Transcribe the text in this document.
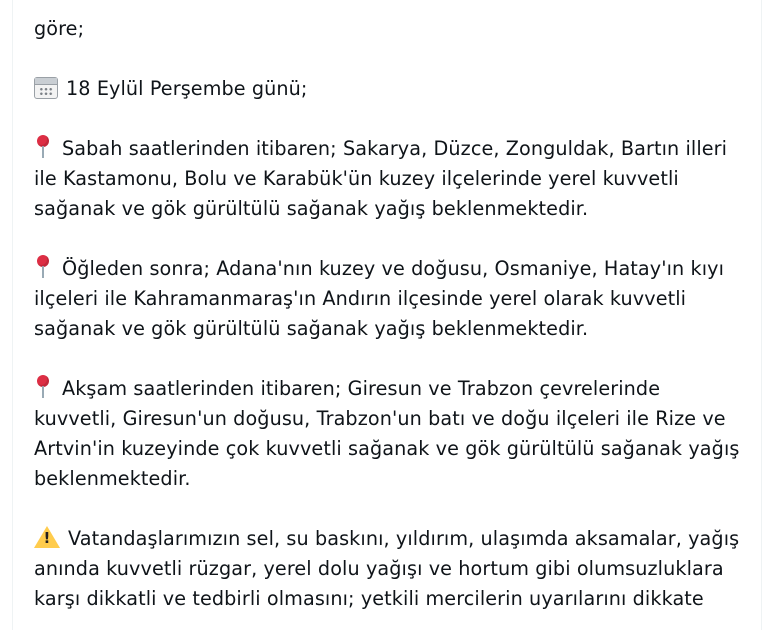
göre;
18 Eylül Perşembe günü;
Sabah saatlerinden itibaren; Sakarya, Düzce, Zonguldak, Bartın illeri
ile Kastamonu, Bolu ve Karabük'ün kuzey ilçelerinde yerel kuvvetli
sağanak ve gök gürültülü sağanak yağış beklenmektedir.
Öğleden sonra; Adana'nın kuzey ve doğusu, Osmaniye, Hatay'ın kıyı
ilçeleri ile Kahramanmaraş'ın Andırın ilçesinde yerel olarak kuvvetli
sağanak ve gök gürültülü sağanak yağış beklenmektedir.
Akşam saatlerinden itibaren; Giresun ve Trabzon çevrelerinde
kuvvetli, Giresun'un doğusu, Trabzon'un batı ve doğu ilçeleri ile Rize ve
Artvin'in kuzeyinde çok kuvvetli sağanak ve gök gürültülü sağanak yağış
beklenmektedir.
!Vatandaşlarımızın sel, su baskını, yıldırım, ulaşımda aksamalar, yağış
anında kuvvetli rüzgar, yerel dolu yağışı ve hortum gibi olumsuzluklara
karşı dikkatli ve tedbirli olmasını; yetkili mercilerin uyarılarını dikkate
